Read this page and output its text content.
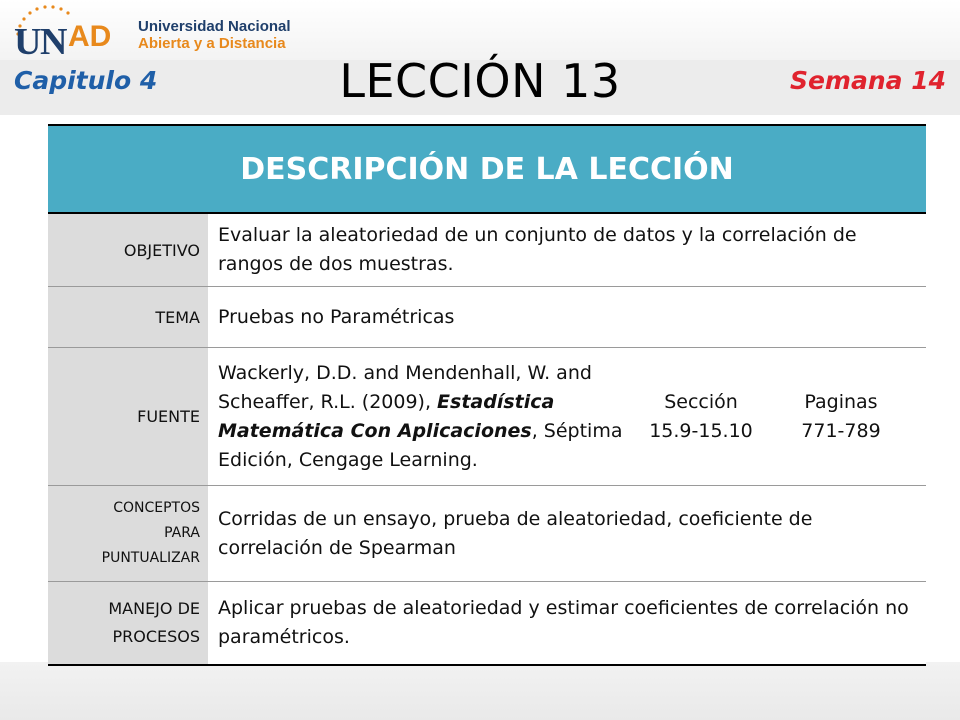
U
N AD Universidad Nacional
Abierta y a Distancia
Capitulo 4	LECCIÓN 13	Semana 14
DESCRIPCIÓN DE LA LECCIÓN
OBJETIVO
Evaluar la aleatoriedad de un conjunto de datos y la correlación de rangos de dos muestras.
TEMA Pruebas no Paramétricas
FUENTE
Wackerly, D.D. and Mendenhall, W. and Scheaffer, R.L. (2009), Estadística Matemática Con Aplicaciones, Séptima Edición, Cengage Learning.
Sección
15.9-15.10
Paginas
771-789
CONCEPTOS
PARA
PUNTUALIZAR
Corridas de un ensayo, prueba de aleatoriedad, coeficiente de correlación de Spearman
MANEJO DE
PROCESOS
Aplicar pruebas de aleatoriedad y estimar coeficientes de correlación no paramétricos.
